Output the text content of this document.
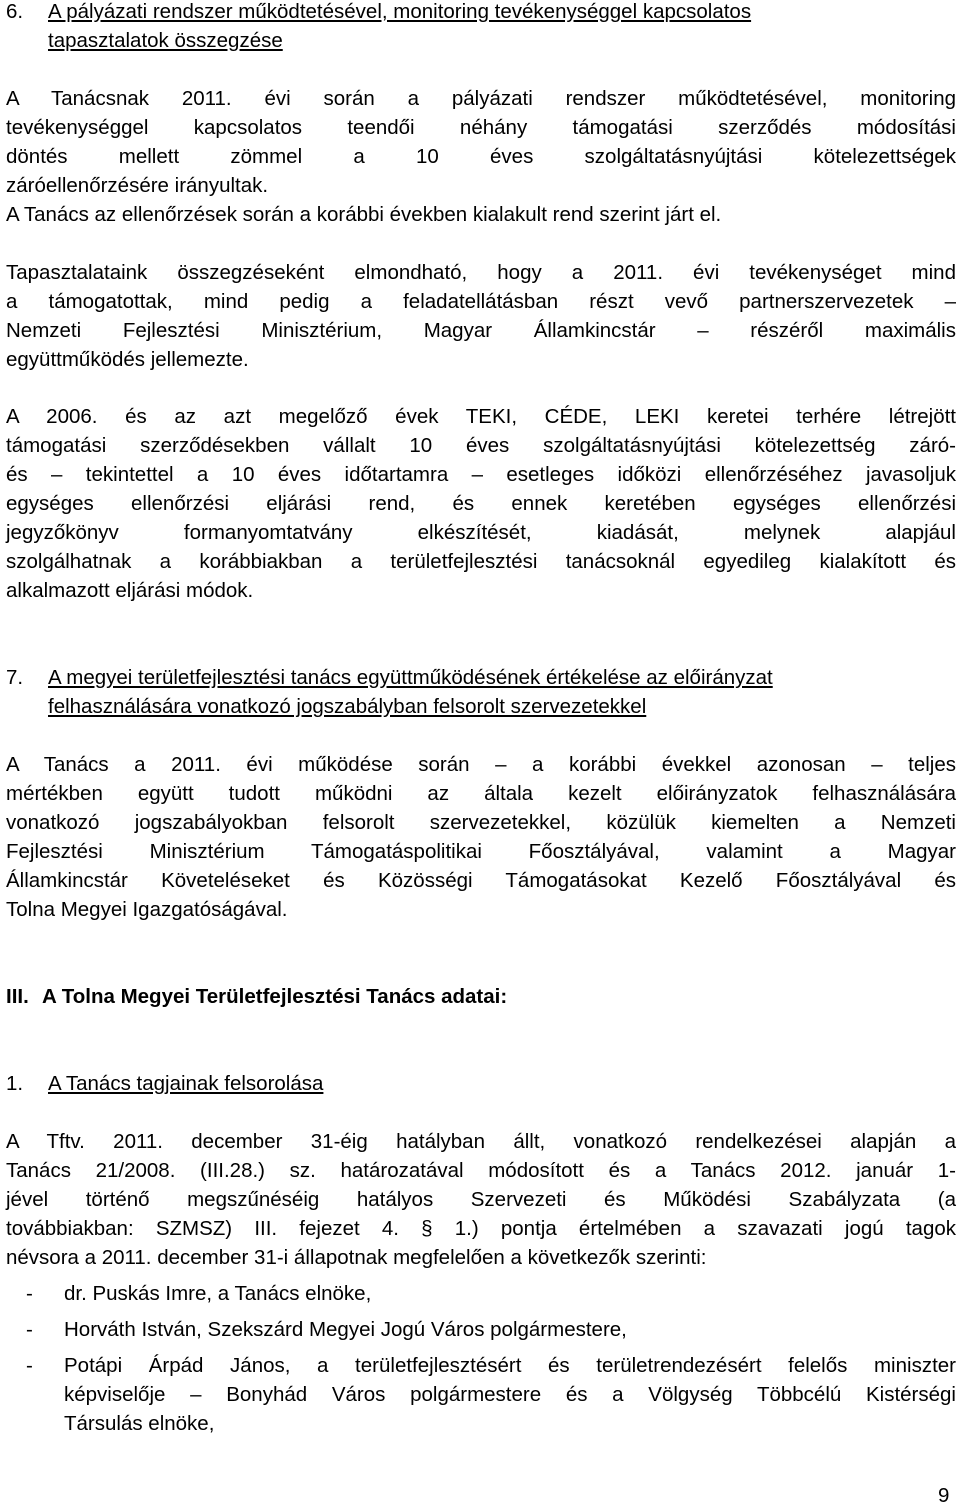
6. A pályázati rendszer működtetésével, monitoring tevékenységgel kapcsolatos
tapasztalatok összegzése
A Tanácsnak 2011. évi során a pályázati rendszer működtetésével, monitoring
tevékenységgel kapcsolatos teendői néhány támogatási szerződés módosítási
döntés mellett zömmel a 10 éves szolgáltatásnyújtási kötelezettségek
záróellenőrzésére irányultak.
A Tanács az ellenőrzések során a korábbi években kialakult rend szerint járt el.
Tapasztalataink összegzéseként elmondható, hogy a 2011. évi tevékenységet mind
a támogatottak, mind pedig a feladatellátásban részt vevő partnerszervezetek –
Nemzeti Fejlesztési Minisztérium, Magyar Államkincstár – részéről maximális
együttműködés jellemezte.
A 2006. és az azt megelőző évek TEKI, CÉDE, LEKI keretei terhére létrejött
támogatási szerződésekben vállalt 10 éves szolgáltatásnyújtási kötelezettség záró-
és – tekintettel a 10 éves időtartamra – esetleges időközi ellenőrzéséhez javasoljuk
egységes ellenőrzési eljárási rend, és ennek keretében egységes ellenőrzési
jegyzőkönyv formanyomtatvány elkészítését, kiadását, melynek alapjául
szolgálhatnak a korábbiakban a területfejlesztési tanácsoknál egyedileg kialakított és
alkalmazott eljárási módok.
7. A megyei területfejlesztési tanács együttműködésének értékelése az előirányzat
felhasználására vonatkozó jogszabályban felsorolt szervezetekkel
A Tanács a 2011. évi működése során – a korábbi évekkel azonosan – teljes
mértékben együtt tudott működni az általa kezelt előirányzatok felhasználására
vonatkozó jogszabályokban felsorolt szervezetekkel, közülük kiemelten a Nemzeti
Fejlesztési Minisztérium Támogatáspolitikai Főosztályával, valamint a Magyar
Államkincstár Követeléseket és Közösségi Támogatásokat Kezelő Főosztályával és
Tolna Megyei Igazgatóságával.
III. A Tolna Megyei Területfejlesztési Tanács adatai:
1. A Tanács tagjainak felsorolása
A Tftv. 2011. december 31-éig hatályban állt, vonatkozó rendelkezései alapján a
Tanács 21/2008. (III.28.) sz. határozatával módosított és a Tanács 2012. január 1-
jével történő megszűnéséig hatályos Szervezeti és Működési Szabályzata (a
továbbiakban: SZMSZ) III. fejezet 4. § 1.) pontja értelmében a szavazati jogú tagok
névsora a 2011. december 31-i állapotnak megfelelően a következők szerinti:
- dr. Puskás Imre, a Tanács elnöke,
- Horváth István, Szekszárd Megyei Jogú Város polgármestere,
- Potápi Árpád János, a területfejlesztésért és területrendezésért felelős miniszter
képviselője – Bonyhád Város polgármestere és a Völgység Többcélú Kistérségi
Társulás elnöke,
9
